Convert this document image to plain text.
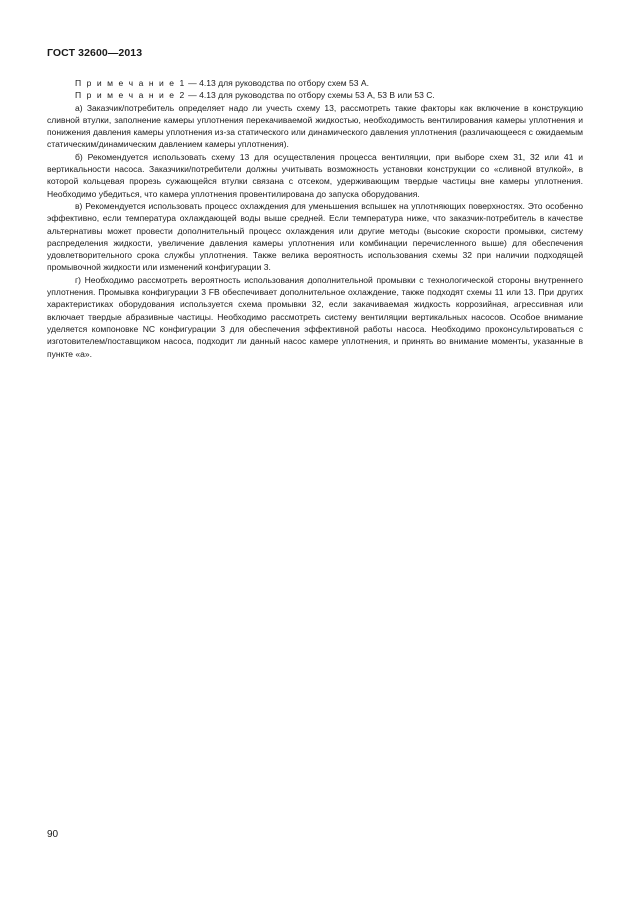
ГОСТ 32600—2013

П р и м е ч а н и е 1 — 4.13 для руководства по отбору схем 53 А.

П р и м е ч а н и е 2 — 4.13 для руководства по отбору схемы 53 А, 53 В или 53 С.

а) Заказчик/потребитель определяет надо ли учесть схему 13, рассмотреть такие факторы как включение в конструкцию сливной втулки, заполнение камеры уплотнения перекачиваемой жидкостью, необходимость вентилирования камеры уплотнения и понижения давления камеры уплотнения из-за статического или динамического давления уплотнения (различающееся с ожидаемым статическим/динамическим давлением камеры уплотнения).

б) Рекомендуется использовать схему 13 для осуществления процесса вентиляции, при выборе схем 31, 32 или 41 и вертикальности насоса. Заказчики/потребители должны учитывать возможность установки конструкции со «сливной втулкой», в которой кольцевая прорезь сужающейся втулки связана с отсеком, удерживающим твердые частицы вне камеры уплотнения. Необходимо убедиться, что камера уплотнения провентилирована до запуска оборудования.

в) Рекомендуется использовать процесс охлаждения для уменьшения вспышек на уплотняющих поверхностях. Это особенно эффективно, если температура охлаждающей воды выше средней. Если температура ниже, что заказчик-потребитель в качестве альтернативы может провести дополнительный процесс охлаждения или другие методы (высокие скорости промывки, систему распределения жидкости, увеличение давления камеры уплотнения или комбинации перечисленного выше) для обеспечения удовлетворительного срока службы уплотнения. Также велика вероятность использования схемы 32 при наличии подходящей промывочной жидкости или изменений конфигурации 3.

г) Необходимо рассмотреть вероятность использования дополнительной промывки с технологической стороны внутреннего уплотнения. Промывка конфигурации 3 FB обеспечивает дополнительное охлаждение, также подходят схемы 11 или 13. При других характеристиках оборудования используется схема промывки 32, если закачиваемая жидкость коррозийная, агрессивная или включает твердые абразивные частицы. Необходимо рассмотреть систему вентиляции вертикальных насосов. Особое внимание уделяется компоновке NC конфигурации 3 для обеспечения эффективной работы насоса. Необходимо проконсультироваться с изготовителем/поставщиком насоса, подходит ли данный насос камере уплотнения, и принять во внимание моменты, указанные в пункте «а».

90
